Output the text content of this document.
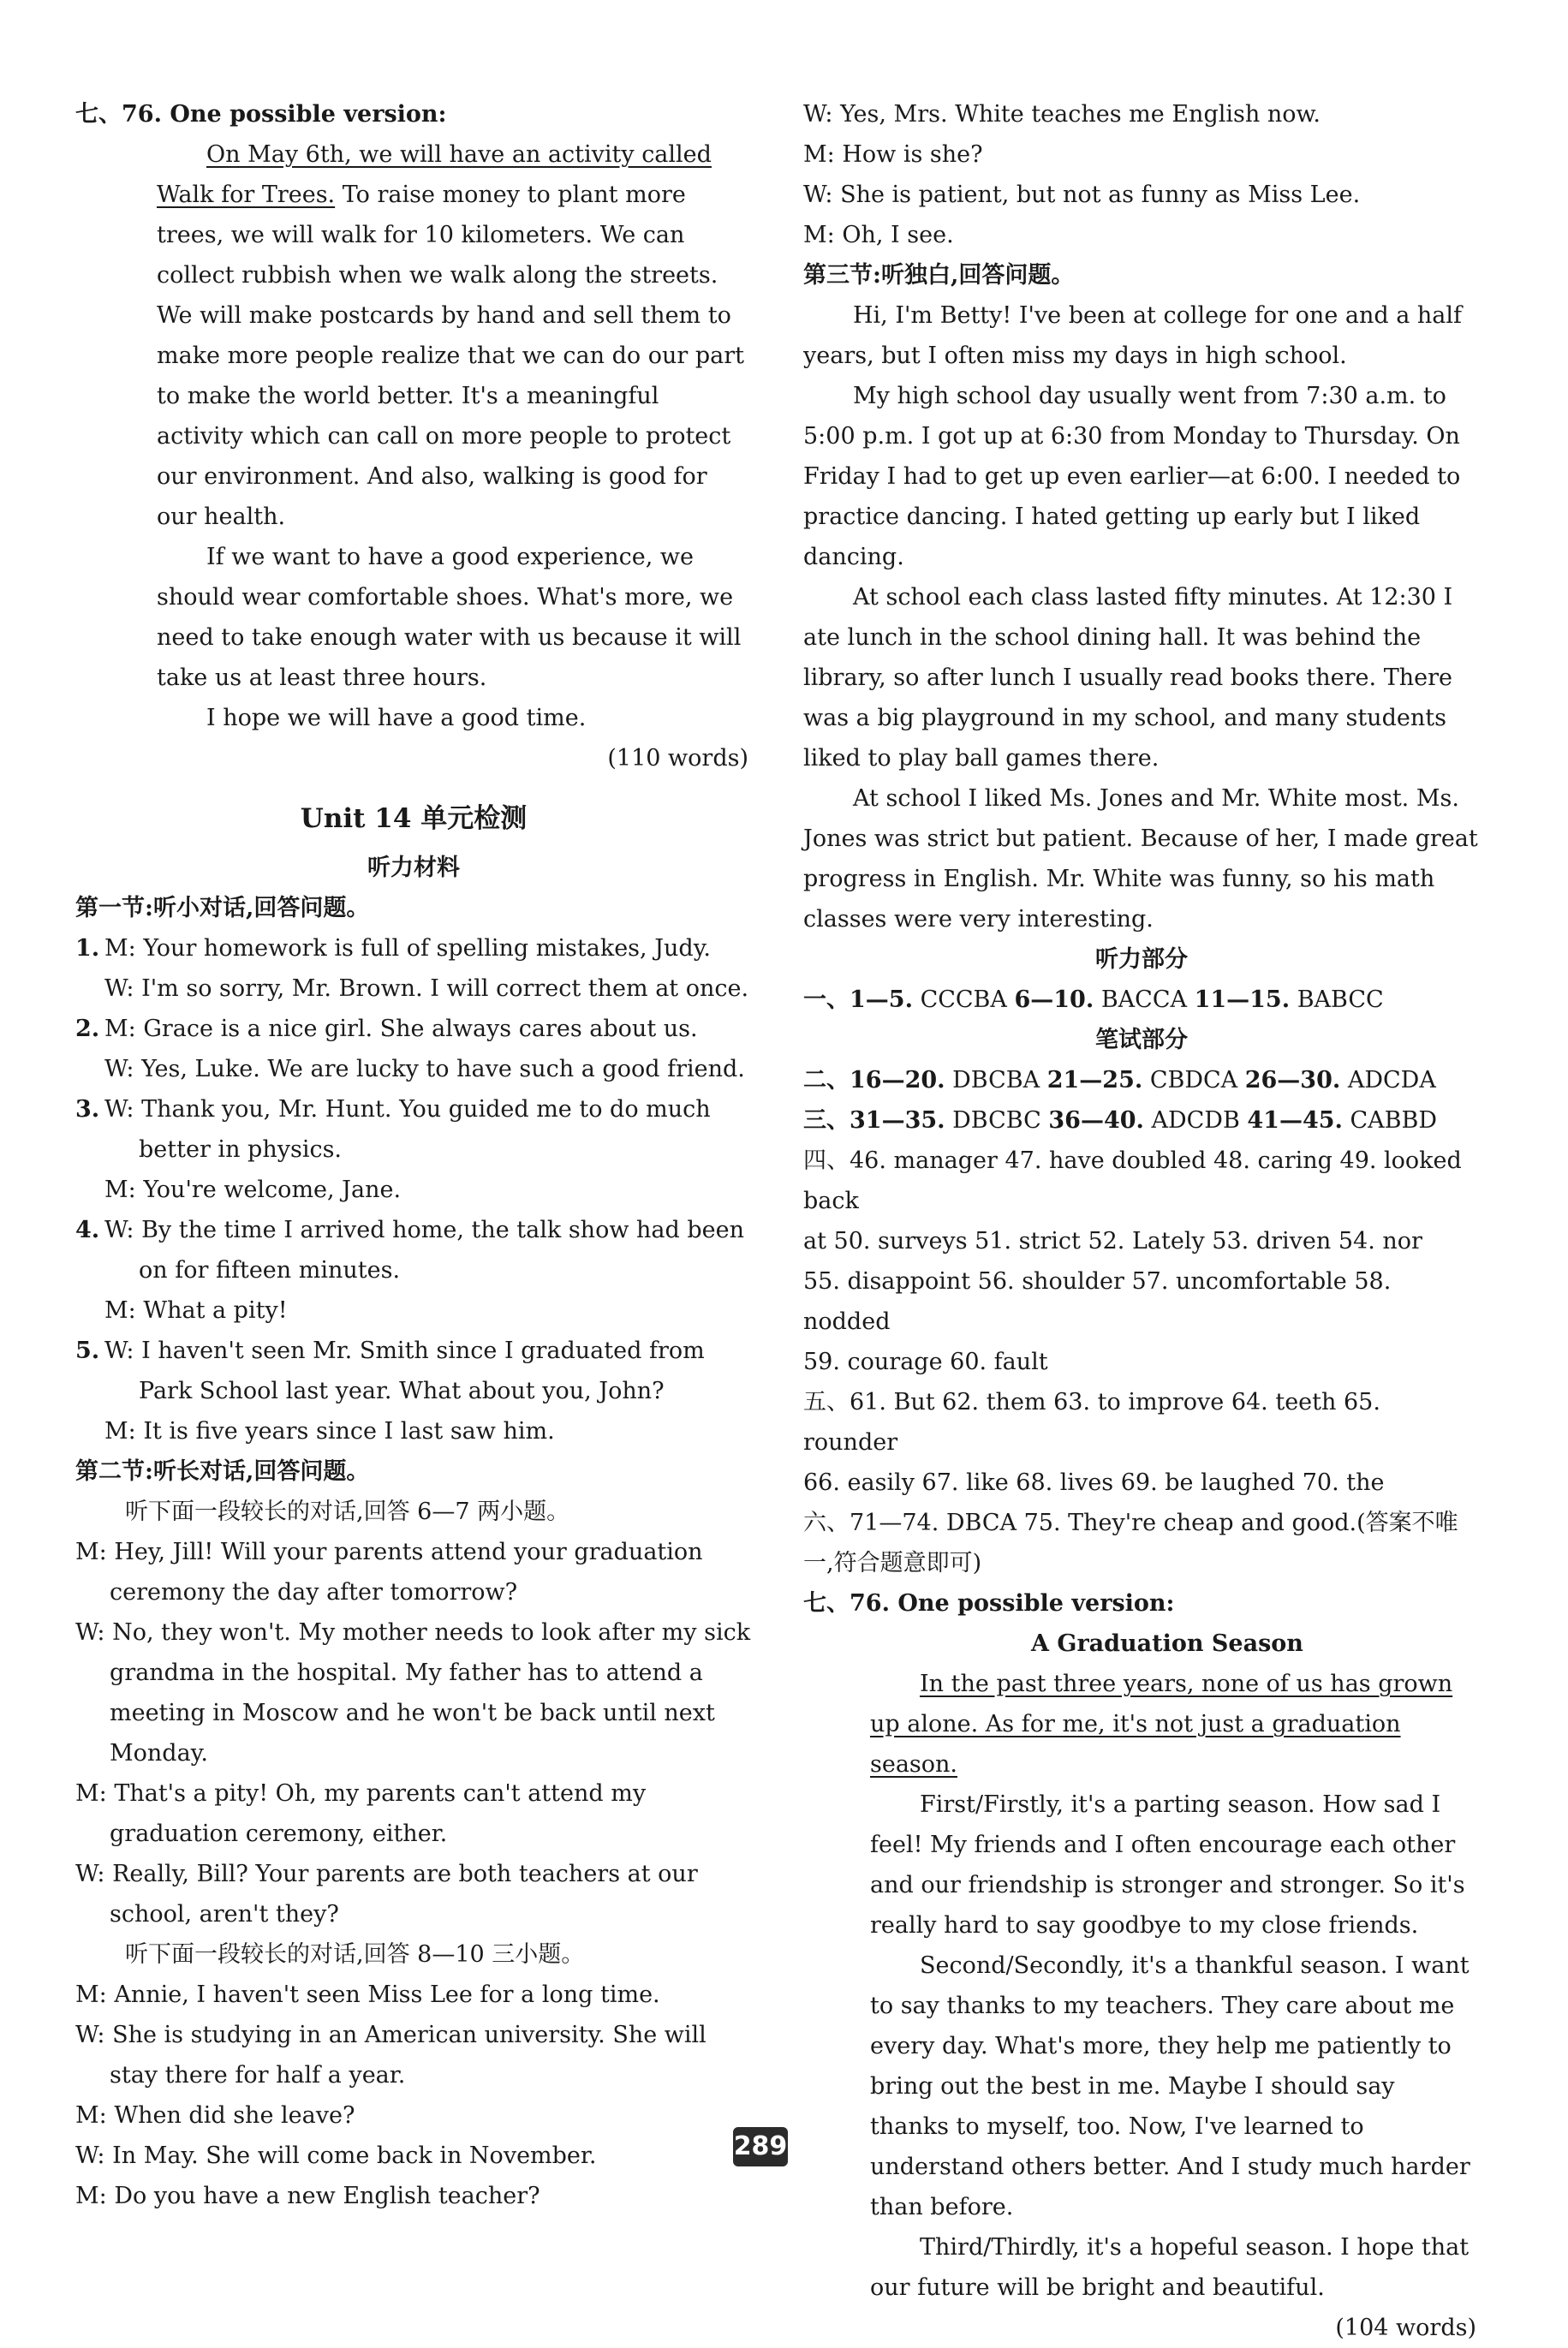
七、76. One possible version:

On May 6th, we will have an activity called Walk for Trees. To raise money to plant more trees, we will walk for 10 kilometers. We can collect rubbish when we walk along the streets. We will make postcards by hand and sell them to make more people realize that we can do our part to make the world better. It's a meaningful activity which can call on more people to protect our environment. And also, walking is good for our health.

If we want to have a good experience, we should wear comfortable shoes. What's more, we need to take enough water with us because it will take us at least three hours.

I hope we will have a good time.

(110 words)

Unit 14 单元检测

听力材料

第一节:听小对话,回答问题。

1. M: Your homework is full of spelling mistakes, Judy.

W: I'm so sorry, Mr. Brown. I will correct them at once.

2. M: Grace is a nice girl. She always cares about us.

W: Yes, Luke. We are lucky to have such a good friend.

3. W: Thank you, Mr. Hunt. You guided me to do much better in physics.

M: You're welcome, Jane.

4. W: By the time I arrived home, the talk show had been on for fifteen minutes.

M: What a pity!

5. W: I haven't seen Mr. Smith since I graduated from Park School last year. What about you, John?

M: It is five years since I last saw him.

第二节:听长对话,回答问题。

听下面一段较长的对话,回答 6—7 两小题。

M: Hey, Jill! Will your parents attend your graduation ceremony the day after tomorrow?

W: No, they won't. My mother needs to look after my sick grandma in the hospital. My father has to attend a meeting in Moscow and he won't be back until next Monday.

M: That's a pity! Oh, my parents can't attend my graduation ceremony, either.

W: Really, Bill? Your parents are both teachers at our school, aren't they?

听下面一段较长的对话,回答 8—10 三小题。

M: Annie, I haven't seen Miss Lee for a long time.

W: She is studying in an American university. She will stay there for half a year.

M: When did she leave?

W: In May. She will come back in November.

M: Do you have a new English teacher?

W: Yes, Mrs. White teaches me English now.

M: How is she?

W: She is patient, but not as funny as Miss Lee.

M: Oh, I see.

第三节:听独白,回答问题。

Hi, I'm Betty! I've been at college for one and a half years, but I often miss my days in high school.

My high school day usually went from 7:30 a.m. to 5:00 p.m. I got up at 6:30 from Monday to Thursday. On Friday I had to get up even earlier—at 6:00. I needed to practice dancing. I hated getting up early but I liked dancing.

At school each class lasted fifty minutes. At 12:30 I ate lunch in the school dining hall. It was behind the library, so after lunch I usually read books there. There was a big playground in my school, and many students liked to play ball games there.

At school I liked Ms. Jones and Mr. White most. Ms. Jones was strict but patient. Because of her, I made great progress in English. Mr. White was funny, so his math classes were very interesting.

听力部分

一、1—5. CCCBA 6—10. BACCA 11—15. BABCC

笔试部分

二、16—20. DBCBA 21—25. CBDCA 26—30. ADCDA

三、31—35. DBCBC 36—40. ADCDB 41—45. CABBD

四、46. manager 47. have doubled 48. caring 49. looked back

at 50. surveys 51. strict 52. Lately 53. driven 54. nor

55. disappoint 56. shoulder 57. uncomfortable 58. nodded

59. courage 60. fault

五、61. But 62. them 63. to improve 64. teeth 65. rounder

66. easily 67. like 68. lives 69. be laughed 70. the

六、71—74. DBCA 75. They're cheap and good.(答案不唯一,符合题意即可)

七、76. One possible version:

A Graduation Season

In the past three years, none of us has grown up alone. As for me, it's not just a graduation season.

First/Firstly, it's a parting season. How sad I feel! My friends and I often encourage each other and our friendship is stronger and stronger. So it's really hard to say goodbye to my close friends.

Second/Secondly, it's a thankful season. I want to say thanks to my teachers. They care about me every day. What's more, they help me patiently to bring out the best in me. Maybe I should say thanks to myself, too. Now, I've learned to understand others better. And I study much harder than before.

Third/Thirdly, it's a hopeful season. I hope that our future will be bright and beautiful.

(104 words)

289
